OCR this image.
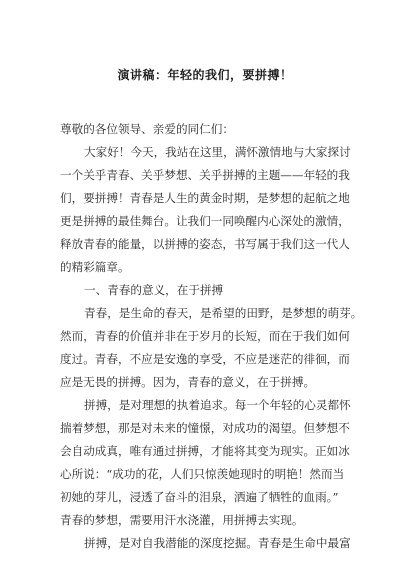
演讲稿：年轻的我们，要拼搏！
尊敬的各位领导、亲爱的同仁们：
大家好！今天，我站在这里，满怀激情地与大家探讨
一个关乎青春、关乎梦想、关乎拼搏的主题——年轻的我
们，要拼搏！青春是人生的黄金时期，是梦想的起航之地
更是拼搏的最佳舞台。让我们一同唤醒内心深处的激情，
释放青春的能量，以拼搏的姿态，书写属于我们这一代人
的精彩篇章。
一、青春的意义，在于拼搏
青春，是生命的春天，是希望的田野，是梦想的萌芽。
然而，青春的价值并非在于岁月的长短，而在于我们如何
度过。青春，不应是安逸的享受，不应是迷茫的徘徊，而
应是无畏的拼搏。因为，青春的意义，在于拼搏。
拼搏，是对理想的执着追求。每一个年轻的心灵都怀
揣着梦想，那是对未来的憧憬，对成功的渴望。但梦想不
会自动成真，唯有通过拼搏，才能将其变为现实。正如冰
心所说：“成功的花，人们只惊羡她现时的明艳！然而当
初她的芽儿，浸透了奋斗的泪泉，洒遍了牺牲的血雨。”
青春的梦想，需要用汗水浇灌，用拼搏去实现。
拼搏，是对自我潜能的深度挖掘。青春是生命中最富
